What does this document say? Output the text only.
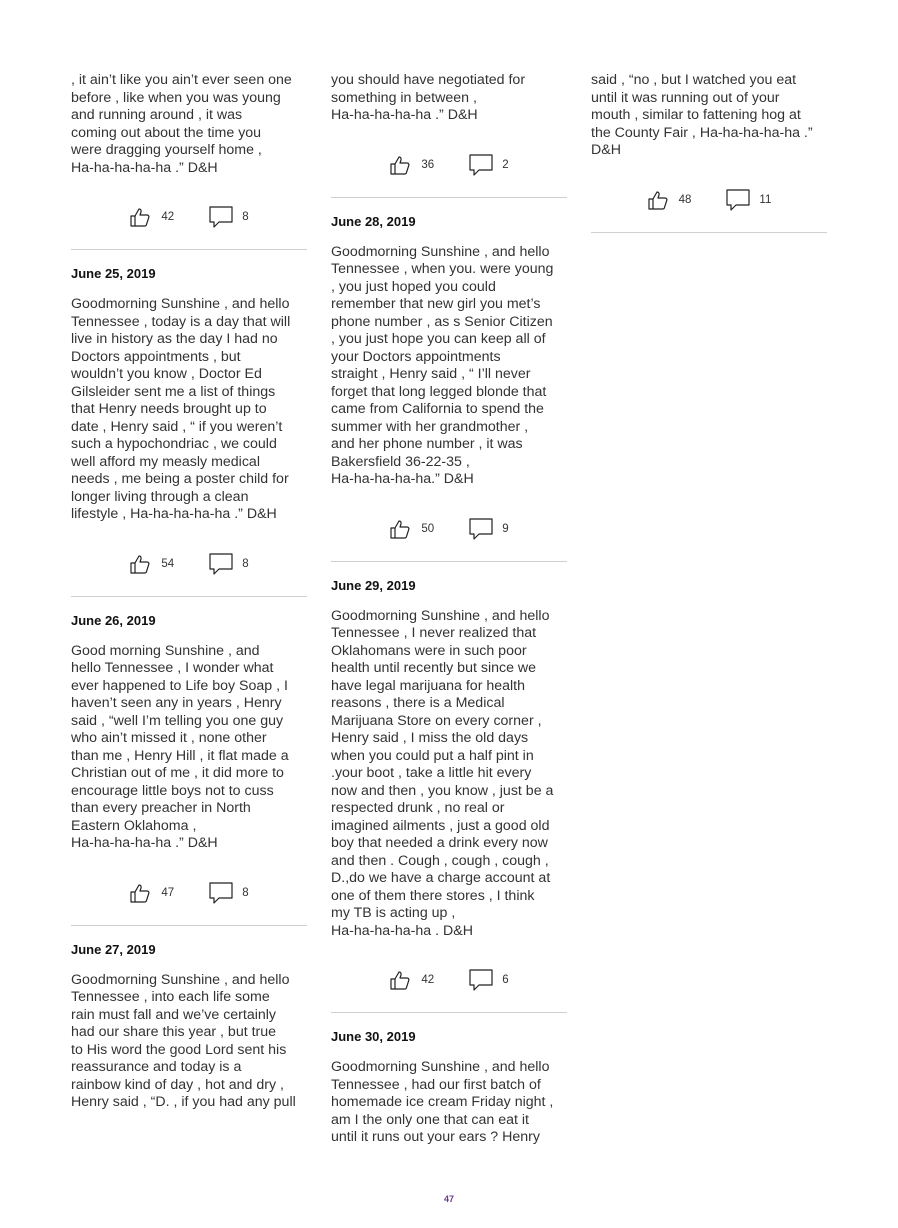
, it ain’t like you ain’t ever seen one
before , like when you was young
and running around , it was
coming out about the time you
were dragging yourself home ,
Ha-ha-ha-ha-ha .” D&H

42	8

June 25, 2019

Goodmorning Sunshine , and hello
Tennessee , today is a day that will
live in history as the day I had no
Doctors appointments , but
wouldn’t you know , Doctor Ed
Gilsleider sent me a list of things
that Henry needs brought up to
date , Henry said , “ if you weren’t
such a hypochondriac , we could
well afford my measly medical
needs , me being a poster child for
longer living through a clean
lifestyle , Ha-ha-ha-ha-ha .” D&H

54	8

June 26, 2019

Good morning Sunshine , and
hello Tennessee , I wonder what
ever happened to Life boy Soap , I
haven’t seen any in years , Henry
said , “well I’m telling you one guy
who ain’t missed it , none other
than me , Henry Hill , it flat made a
Christian out of me , it did more to
encourage little boys not to cuss
than every preacher in North
Eastern Oklahoma ,
Ha-ha-ha-ha-ha .” D&H

47	8

June 27, 2019

Goodmorning Sunshine , and hello
Tennessee , into each life some
rain must fall and we’ve certainly
had our share this year , but true
to His word the good Lord sent his
reassurance and today is a
rainbow kind of day , hot and dry ,
Henry said , “D. , if you had any pull

you should have negotiated for
something in between ,
Ha-ha-ha-ha-ha .” D&H

36	2

June 28, 2019

Goodmorning Sunshine , and hello
Tennessee , when you. were young
, you just hoped you could
remember that new girl you met’s
phone number , as s Senior Citizen
, you just hope you can keep all of
your Doctors appointments
straight , Henry said , “ I’ll never
forget that long legged blonde that
came from California to spend the
summer with her grandmother ,
and her phone number , it was
Bakersfield 36-22-35 ,
Ha-ha-ha-ha-ha.” D&H

50	9

June 29, 2019

Goodmorning Sunshine , and hello
Tennessee , I never realized that
Oklahomans were in such poor
health until recently but since we
have legal marijuana for health
reasons , there is a Medical
Marijuana Store on every corner ,
Henry said , I miss the old days
when you could put a half pint in
.your boot , take a little hit every
now and then , you know , just be a
respected drunk , no real or
imagined ailments , just a good old
boy that needed a drink every now
and then . Cough , cough , cough ,
D.,do we have a charge account at
one of them there stores , I think
my TB is acting up ,
Ha-ha-ha-ha-ha . D&H

42	6

June 30, 2019

Goodmorning Sunshine , and hello
Tennessee , had our first batch of
homemade ice cream Friday night ,
am I the only one that can eat it
until it runs out your ears ? Henry

said , “no , but I watched you eat
until it was running out of your
mouth , similar to fattening hog at
the County Fair , Ha-ha-ha-ha-ha .”
D&H

48	11
47
